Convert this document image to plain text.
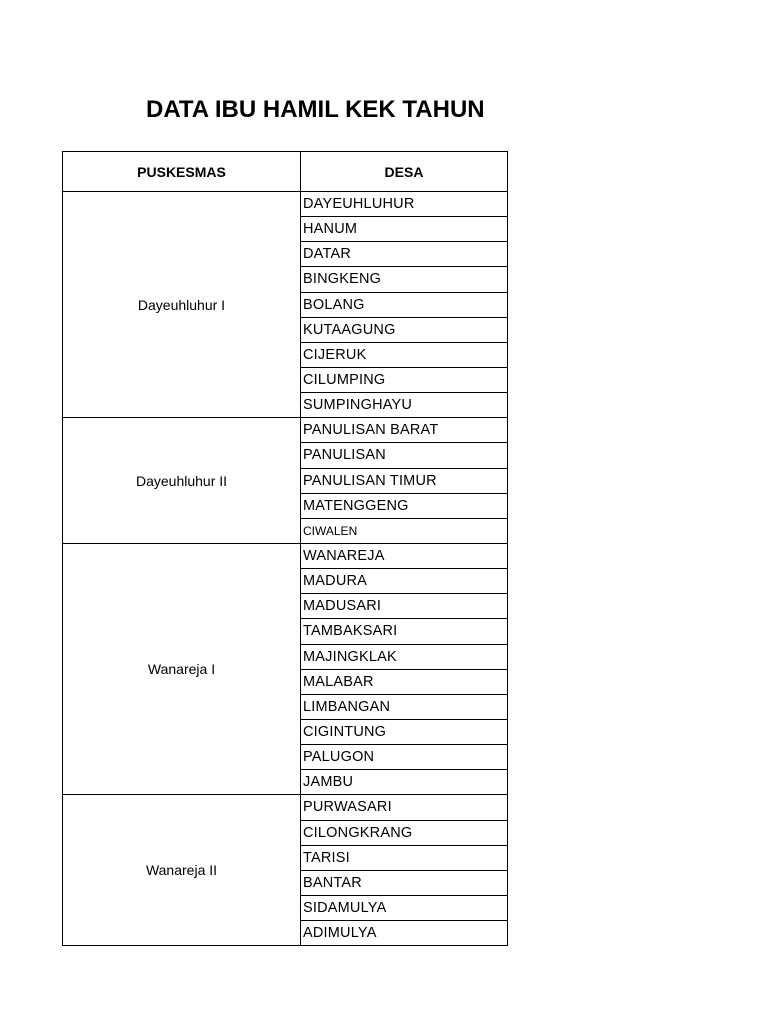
DATA IBU HAMIL KEK TAHUN
PUSKESMAS	DESA
Dayeuhluhur I	DAYEUHLUHUR
	HANUM
	DATAR
	BINGKENG
	BOLANG
	KUTAAGUNG
	CIJERUK
	CILUMPING
	SUMPINGHAYU
Dayeuhluhur II	PANULISAN BARAT
	PANULISAN
	PANULISAN TIMUR
	MATENGGENG
	CIWALEN
Wanareja I	WANAREJA
	MADURA
	MADUSARI
	TAMBAKSARI
	MAJINGKLAK
	MALABAR
	LIMBANGAN
	CIGINTUNG
	PALUGON
	JAMBU
Wanareja II	PURWASARI
	CILONGKRANG
	TARISI
	BANTAR
	SIDAMULYA
	ADIMULYA
